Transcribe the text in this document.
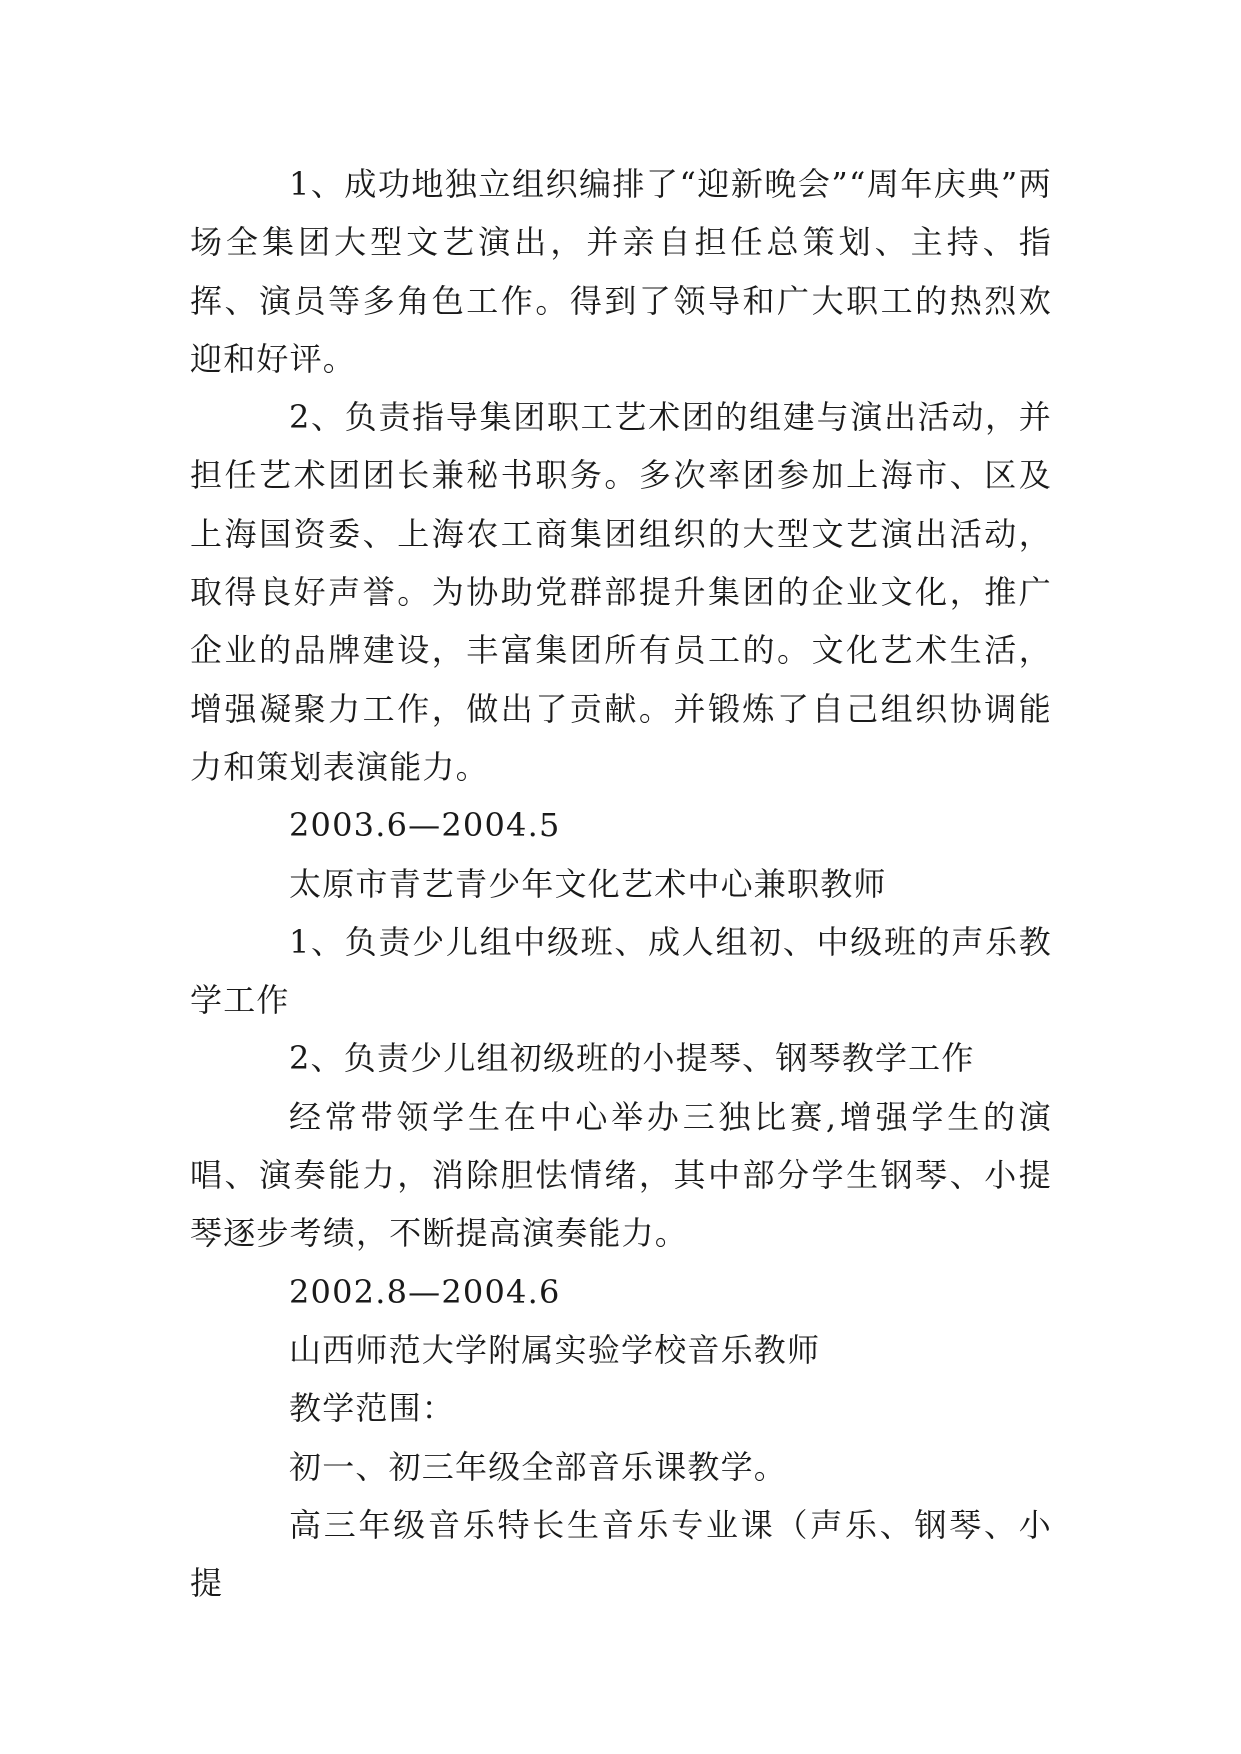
1、成功地独立组织编排了“迎新晚会”“周年庆典”两场全集团大型文艺演出，并亲自担任总策划、主持、指挥、演员等多角色工作。得到了领导和广大职工的热烈欢迎和好评。

2、负责指导集团职工艺术团的组建与演出活动，并担任艺术团团长兼秘书职务。多次率团参加上海市、区及上海国资委、上海农工商集团组织的大型文艺演出活动，取得良好声誉。为协助党群部提升集团的企业文化，推广企业的品牌建设，丰富集团所有员工的。文化艺术生活，增强凝聚力工作，做出了贡献。并锻炼了自己组织协调能力和策划表演能力。

2003.6—2004.5

太原市青艺青少年文化艺术中心兼职教师

1、负责少儿组中级班、成人组初、中级班的声乐教学工作

2、负责少儿组初级班的小提琴、钢琴教学工作

经常带领学生在中心举办三独比赛,增强学生的演唱、演奏能力，消除胆怯情绪，其中部分学生钢琴、小提琴逐步考绩，不断提高演奏能力。

2002.8—2004.6

山西师范大学附属实验学校音乐教师

教学范围：

初一、初三年级全部音乐课教学。

高三年级音乐特长生音乐专业课（声乐、钢琴、小提
